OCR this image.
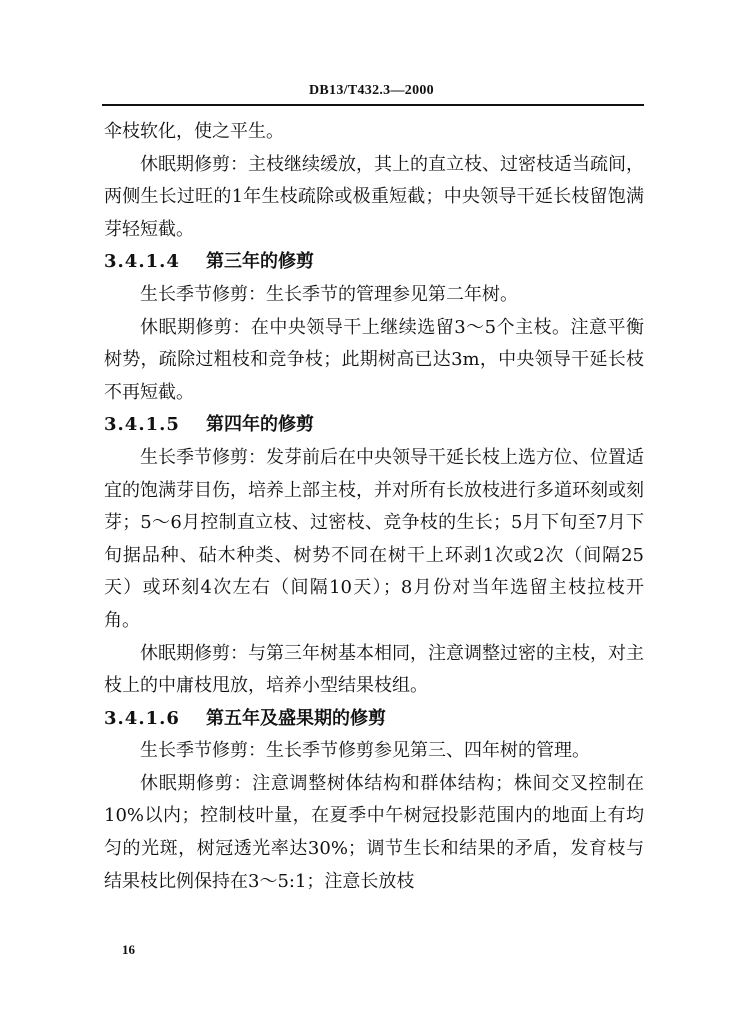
DB13/T432.3—2000

伞枝软化，使之平生。

休眠期修剪：主枝继续缓放，其上的直立枝、过密枝适当疏间，两侧生长过旺的1年生枝疏除或极重短截；中央领导干延长枝留饱满芽轻短截。

3.4.1.4 第三年的修剪

生长季节修剪：生长季节的管理参见第二年树。

休眠期修剪：在中央领导干上继续选留3～5个主枝。注意平衡树势，疏除过粗枝和竞争枝；此期树高已达3m，中央领导干延长枝不再短截。

3.4.1.5 第四年的修剪

生长季节修剪：发芽前后在中央领导干延长枝上选方位、位置适宜的饱满芽目伤，培养上部主枝，并对所有长放枝进行多道环刻或刻芽；5～6月控制直立枝、过密枝、竞争枝的生长；5月下旬至7月下旬据品种、砧木种类、树势不同在树干上环剥1次或2次（间隔25天）或环刻4次左右（间隔10天）；8月份对当年选留主枝拉枝开角。

休眠期修剪：与第三年树基本相同，注意调整过密的主枝，对主枝上的中庸枝甩放，培养小型结果枝组。

3.4.1.6 第五年及盛果期的修剪

生长季节修剪：生长季节修剪参见第三、四年树的管理。

休眠期修剪：注意调整树体结构和群体结构；株间交叉控制在10%以内；控制枝叶量，在夏季中午树冠投影范围内的地面上有均匀的光斑，树冠透光率达30%；调节生长和结果的矛盾，发育枝与结果枝比例保持在3～5:1；注意长放枝

16
